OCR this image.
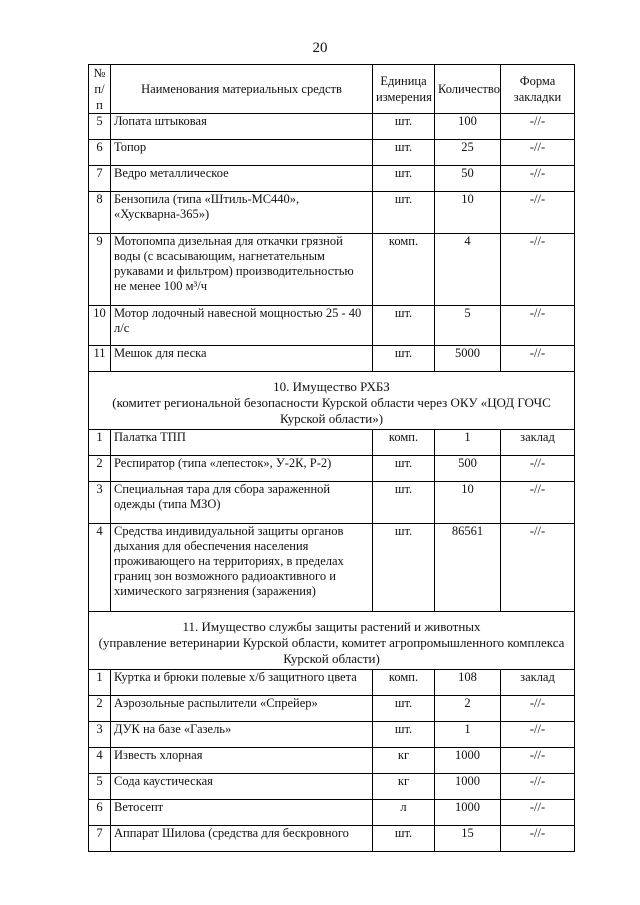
20
№ п/п	Наименования материальных средств	Единица измерения	Количество	Форма закладки
5	Лопата штыковая	шт.	100	-//-
6	Топор	шт.	25	-//-
7	Ведро металлическое	шт.	50	-//-
8	Бензопила (типа «Штиль-МС440», «Хускварна-365»)	шт.	10	-//-
9	Мотопомпа дизельная для откачки грязной воды (с всасывающим, нагнетательным рукавами и фильтром) производительностью не менее 100 м³/ч	комп.	4	-//-
10	Мотор лодочный навесной мощностью 25 - 40 л/с	шт.	5	-//-
11	Мешок для песка	шт.	5000	-//-

10. Имущество РХБЗ
(комитет региональной безопасности Курской области через ОКУ «ЦОД ГОЧС Курской области»)				

1	Палатка ТПП	комп.	1	заклад
2	Респиратор (типа «лепесток», У-2К, Р-2)	шт.	500	-//-
3	Специальная тара для сбора зараженной одежды (типа МЗО)	шт.	10	-//-
4	Средства индивидуальной защиты органов дыхания для обеспечения населения проживающего на территориях, в пределах границ зон возможного радиоактивного и химического загрязнения (заражения)	шт.	86561	-//-

11. Имущество службы защиты растений и животных
(управление ветеринарии Курской области, комитет агропромышленного комплекса Курской области)				

1	Куртка и брюки полевые х/б защитного цвета	комп.	108	заклад
2	Аэрозольные распылители «Спрейер»	шт.	2	-//-
3	ДУК на базе «Газель»	шт.	1	-//-
4	Известь хлорная	кг	1000	-//-
5	Сода каустическая	кг	1000	-//-
6	Ветосепт	л	1000	-//-
7	Аппарат Шилова (средства для бескровного	шт.	15	-//-
